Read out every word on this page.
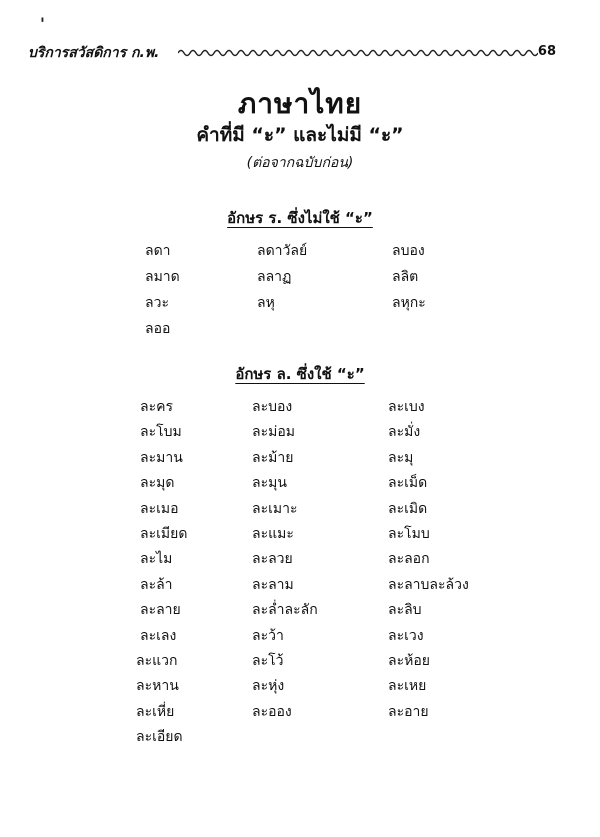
'
บริการสวัสดิการ ก.พ.	68
ภาษาไทย
คำที่มี “ะ” และไม่มี “ะ”
(ต่อจากฉบับก่อน)
อักษร ร. ซึ่งไม่ใช้ “ะ”
ลดา	ลดาวัลย์	ลบอง
ลมาด	ลลาฏ	ลลิต
ลวะ	ลหุ	ลหุกะ
ลออ
อักษร ล. ซึ่งใช้ “ะ”
ละคร	ละบอง	ละเบง
ละโบม	ละม่อม	ละมั่ง
ละมาน	ละม้าย	ละมุ
ละมุด	ละมุน	ละเม็ด
ละเมอ	ละเมาะ	ละเมิด
ละเมียด	ละแมะ	ละโมบ
ละไม	ละลวย	ละลอก
ละล้า	ละลาม	ละลาบละล้วง
ละลาย	ละล่ำละลัก	ละลิบ
ละเลง	ละว้า	ละเวง
ละแวก	ละโว้	ละห้อย
ละหาน	ละหุ่ง	ละเหย
ละเหี่ย	ละออง	ละอาย
ละเอียด
